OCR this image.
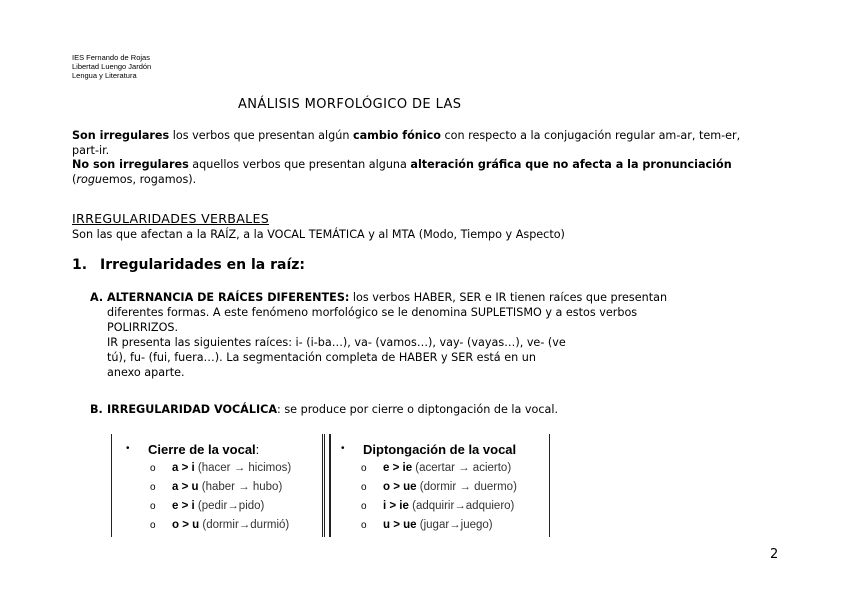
IES Fernando de Rojas
Libertad Luengo Jardón
Lengua y Literatura
ANÁLISIS MORFOLÓGICO DE LAS
Son irregulares los verbos que presentan algún cambio fónico con respecto a la conjugación regular am-ar, tem-er,
part-ir.
No son irregulares aquellos verbos que presentan alguna alteración gráfica que no afecta a la pronunciación
(roguemos, rogamos).
IRREGULARIDADES VERBALES
Son las que afectan a la RAÍZ, a la VOCAL TEMÁTICA y al MTA (Modo, Tiempo y Aspecto)
1. Irregularidades en la raíz:
A. ALTERNANCIA DE RAÍCES DIFERENTES: los verbos HABER, SER e IR tienen raíces que presentan
diferentes formas. A este fenómeno morfológico se le denomina SUPLETISMO y a estos verbos
POLIRRIZOS.
IR presenta las siguientes raíces: i- (i-ba…), va- (vamos…), vay- (vayas…), ve- (ve
tú), fu- (fui, fuera…). La segmentación completa de HABER y SER está en un
anexo aparte.
B. IRREGULARIDAD VOCÁLICA: se produce por cierre o diptongación de la vocal.
• Cierre de la vocal:
o a > i (hacer → hicimos)
o a > u (haber → hubo)
o e > i (pedir→pido)
o o > u (dormir→durmió)
• Diptongación de la vocal
o e > ie (acertar → acierto)
o o > ue (dormir → duermo)
o i > ie (adquirir→adquiero)
o u > ue (jugar→juego)
2
